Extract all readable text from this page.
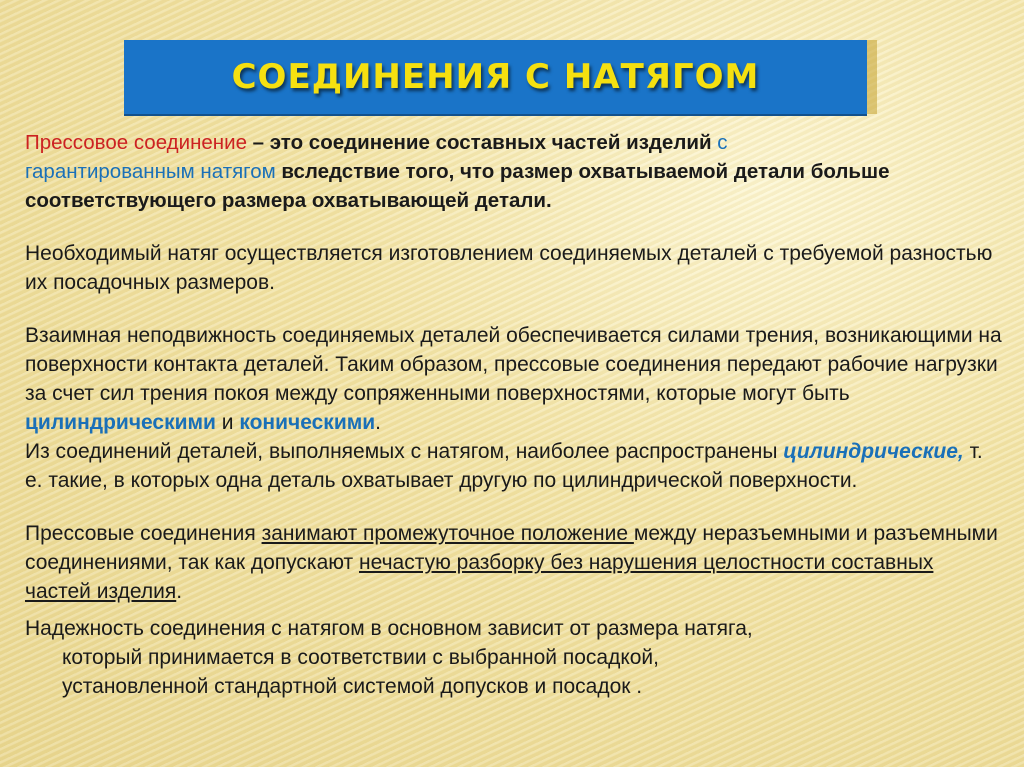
СОЕДИНЕНИЯ С НАТЯГОМ

Прессовое соединение – это соединение составных частей изделий с
гарантированным натягом вследствие того, что размер охватываемой детали больше соответствующего размера охватывающей детали.

Необходимый натяг осуществляется изготовлением соединяемых деталей с требуемой разностью их посадочных размеров.

Взаимная неподвижность соединяемых деталей обеспечивается силами трения, возникающими на поверхности контакта деталей. Таким образом, прессовые соединения передают рабочие нагрузки за счет сил трения покоя между сопряженными поверхностями, которые могут быть цилиндрическими и коническими.

Из соединений деталей, выполняемых с натягом, наиболее распространены цилиндрические, т. е. такие, в которых одна деталь охватывает другую по цилиндрической поверхности.

Прессовые соединения занимают промежуточное положение между неразъемными и разъемными соединениями, так как допускают нечастую разборку без нарушения целостности составных частей изделия.

Надежность соединения с натягом в основном зависит от размера натяга,
который принимается в соответствии с выбранной посадкой,
установленной стандартной системой допусков и посадок .
